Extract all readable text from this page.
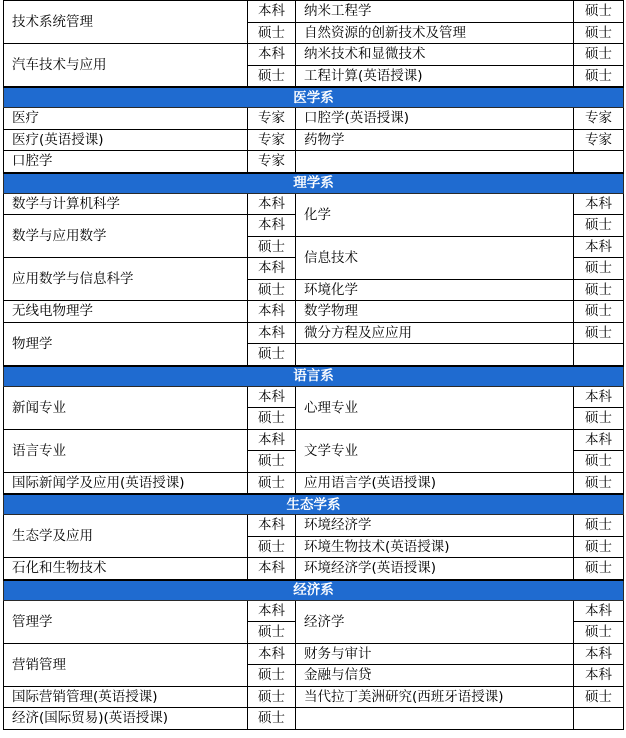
技术系统管理	本科	纳米工程学	硕士
	硕士	自然资源的创新技术及管理	硕士
汽车技术与应用	本科	纳米技术和显微技术	硕士
	硕士	工程计算(英语授课)	硕士
医学系			
医疗	专家	口腔学(英语授课)	专家
医疗(英语授课)	专家	药物学	专家
口腔学	专家		
理学系			
数学与计算机科学	本科	化学	本科
数学与应用数学	本科		硕士
	硕士	信息技术	本科
应用数学与信息科学	本科		硕士
	硕士	环境化学	硕士
无线电物理学	本科	数学物理	硕士
物理学	本科	微分方程及应应用	硕士
	硕士		
语言系			
新闻专业	本科	心理专业	本科
	硕士		硕士
语言专业	本科	文学专业	本科
	硕士		硕士
国际新闻学及应用(英语授课)	硕士	应用语言学(英语授课)	硕士
生态学系			
生态学及应用	本科	环境经济学	硕士
	硕士	环境生物技术(英语授课)	硕士
石化和生物技术	本科	环境经济学(英语授课)	硕士
经济系			
管理学	本科	经济学	本科
	硕士		硕士
营销管理	本科	财务与审计	本科
	硕士	金融与信贷	本科
国际营销管理(英语授课)	硕士	当代拉丁美洲研究(西班牙语授课)	硕士
经济(国际贸易)(英语授课)	硕士		
